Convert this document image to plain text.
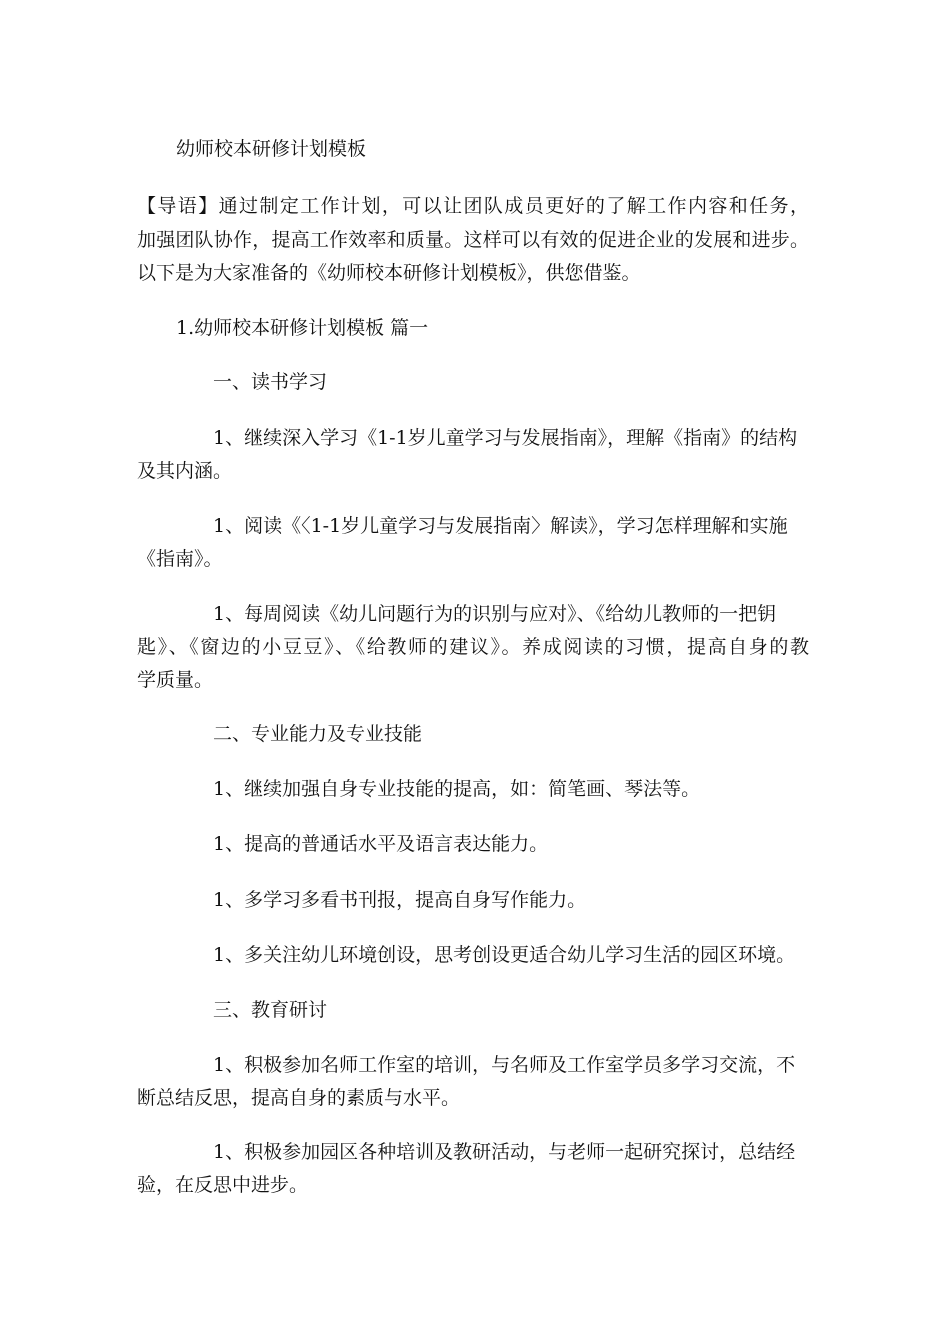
幼师校本研修计划模板

【导语】通过制定工作计划，可以让团队成员更好的了解工作内容和任务，

加强团队协作，提高工作效率和质量。这样可以有效的促进企业的发展和进步。

以下是为大家准备的《幼师校本研修计划模板》，供您借鉴。

1.幼师校本研修计划模板 篇一

一、读书学习

1、继续深入学习《1-1岁儿童学习与发展指南》，理解《指南》的结构

及其内涵。

1、阅读《〈1-1岁儿童学习与发展指南〉解读》，学习怎样理解和实施

《指南》。

1、每周阅读《幼儿问题行为的识别与应对》、《给幼儿教师的一把钥

匙》、《窗边的小豆豆》、《给教师的建议》。养成阅读的习惯，提高自身的教

学质量。

二、专业能力及专业技能

1、继续加强自身专业技能的提高，如：简笔画、琴法等。

1、提高的普通话水平及语言表达能力。

1、多学习多看书刊报，提高自身写作能力。

1、多关注幼儿环境创设，思考创设更适合幼儿学习生活的园区环境。

三、教育研讨

1、积极参加名师工作室的培训，与名师及工作室学员多学习交流，不

断总结反思，提高自身的素质与水平。

1、积极参加园区各种培训及教研活动，与老师一起研究探讨，总结经

验，在反思中进步。
